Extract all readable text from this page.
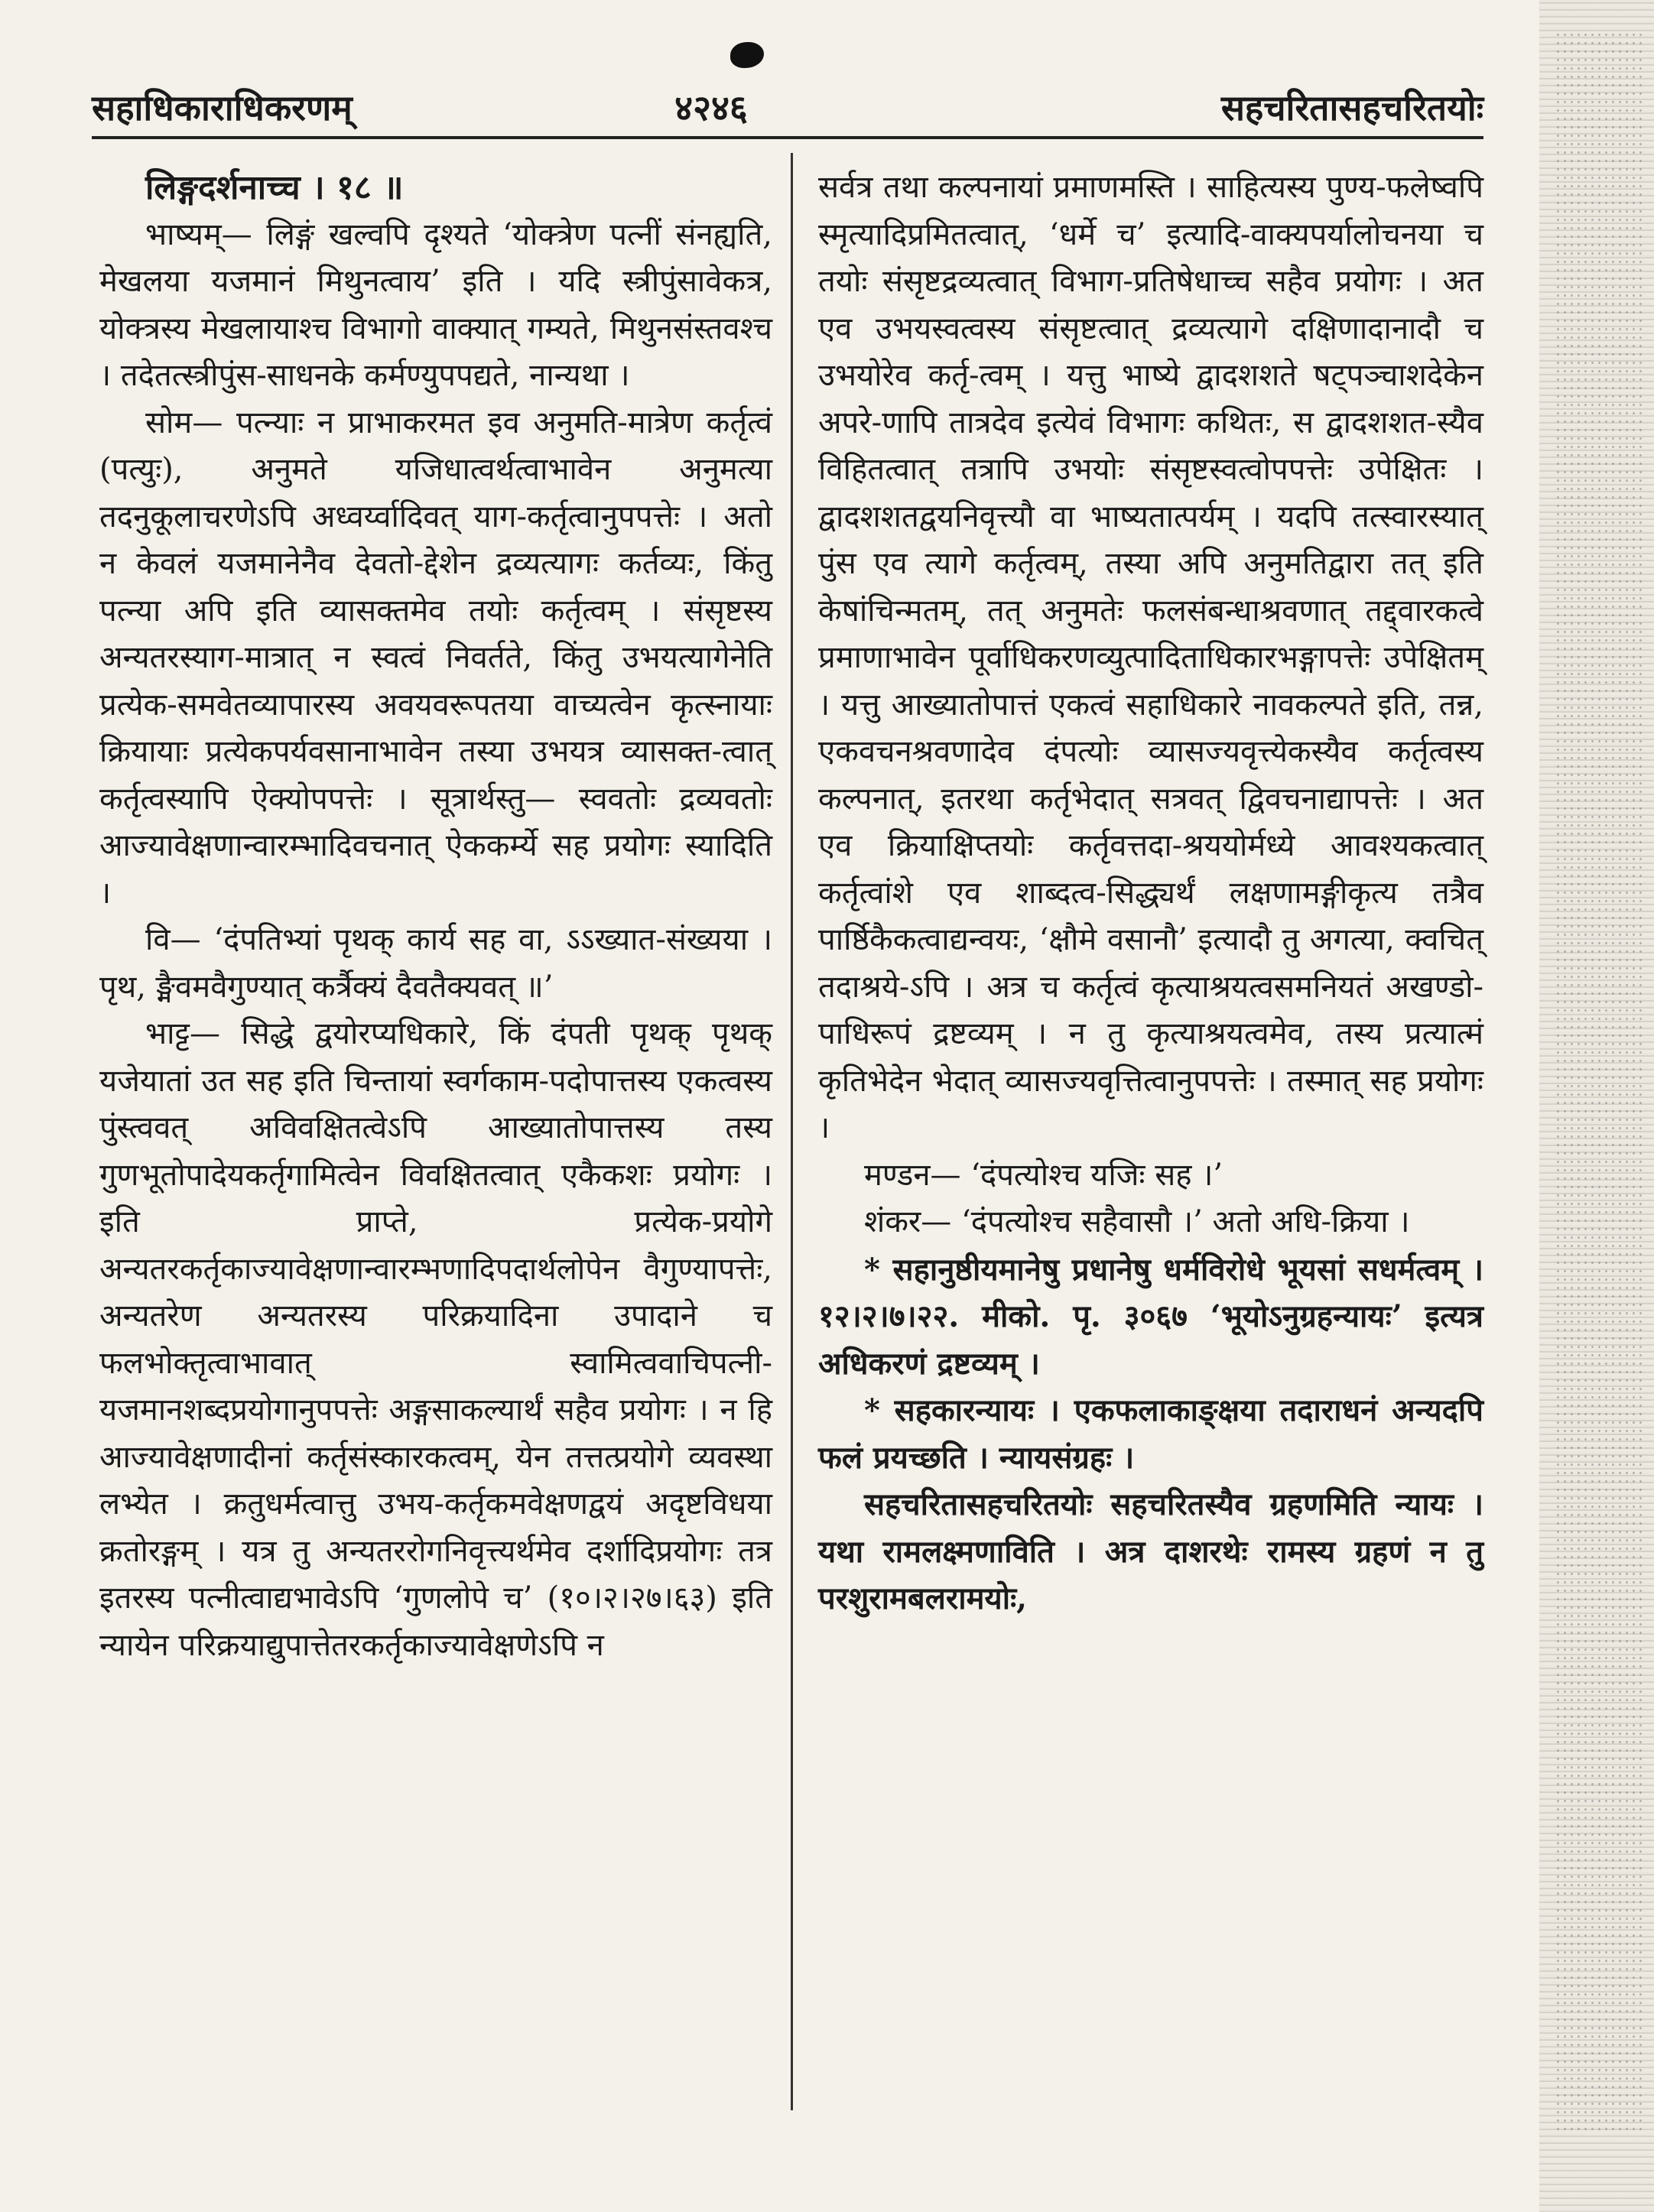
सहाधिकाराधिकरणम्	४२४६	सहचरितासहचरितयोः

लिङ्गदर्शनाच्च । १८ ॥

भाष्यम्— लिङ्गं खल्वपि दृश्यते ‘योक्त्रेण पत्नीं संनह्यति, मेखलया यजमानं मिथुनत्वाय’ इति । यदि स्त्रीपुंसावेकत्र, योक्त्रस्य मेखलायाश्च विभागो वाक्यात् गम्यते, मिथुनसंस्तवश्च । तदेतत्स्त्रीपुंस-साधनके कर्मण्युपपद्यते, नान्यथा ।

सोम— पत्न्याः न प्राभाकरमत इव अनुमति-मात्रेण कर्तृत्वं (पत्युः), अनुमते यजिधात्वर्थत्वाभावेन अनुमत्या तदनुकूलाचरणेऽपि अध्वर्य्वादिवत् याग-कर्तृत्वानुपपत्तेः । अतो न केवलं यजमानेनैव देवतो-द्देशेन द्रव्यत्यागः कर्तव्यः, किंतु पत्न्या अपि इति व्यासक्तमेव तयोः कर्तृत्वम् । संसृष्टस्य अन्यतरस्याग-मात्रात् न स्वत्वं निवर्तते, किंतु उभयत्यागेनेति प्रत्येक-समवेतव्यापारस्य अवयवरूपतया वाच्यत्वेन कृत्स्नायाः क्रियायाः प्रत्येकपर्यवसानाभावेन तस्या उभयत्र व्यासक्त-त्वात् कर्तृत्वस्यापि ऐक्योपपत्तेः । सूत्रार्थस्तु— स्ववतोः द्रव्यवतोः आज्यावेक्षणान्वारम्भादिवचनात् ऐककर्म्ये सह प्रयोगः स्यादिति ।

वि— ‘दंपतिभ्यां पृथक् कार्य सह वा, ऽऽख्यात-संख्यया । पृथ, ङ्मैवमवैगुण्यात् कर्त्रैक्यं दैवतैक्यवत् ॥’

भाट्ट— सिद्धे द्वयोरप्यधिकारे, किं दंपती पृथक् पृथक् यजेयातां उत सह इति चिन्तायां स्वर्गकाम-पदोपात्तस्य एकत्वस्य पुंस्त्ववत् अविवक्षितत्वेऽपि आख्यातोपात्तस्य तस्य गुणभूतोपादेयकर्तृगामित्वेन विवक्षितत्वात् एकैकशः प्रयोगः । इति प्राप्ते, प्रत्येक-प्रयोगे अन्यतरकर्तृकाज्यावेक्षणान्वारम्भणादिपदार्थलोपेन वैगुण्यापत्तेः, अन्यतरेण अन्यतरस्य परिक्रयादिना उपादाने च फलभोक्तृत्वाभावात् स्वामित्ववाचिपत्नी-यजमानशब्दप्रयोगानुपपत्तेः अङ्गसाकल्यार्थं सहैव प्रयोगः । न हि आज्यावेक्षणादीनां कर्तृसंस्कारकत्वम्, येन तत्तत्प्रयोगे व्यवस्था लभ्येत । क्रतुधर्मत्वात्तु उभय-कर्तृकमवेक्षणद्वयं अदृष्टविधया क्रतोरङ्गम् । यत्र तु अन्यतररोगनिवृत्त्यर्थमेव दर्शादिप्रयोगः तत्र इतरस्य पत्नीत्वाद्यभावेऽपि ‘गुणलोपे च’ (१०।२।२७।६३) इति न्यायेन परिक्रयाद्युपात्तेतरकर्तृकाज्यावेक्षणेऽपि न

सर्वत्र तथा कल्पनायां प्रमाणमस्ति । साहित्यस्य पुण्य-फलेष्वपि स्मृत्यादिप्रमितत्वात्, ‘धर्मे च’ इत्यादि-वाक्यपर्यालोचनया च तयोः संसृष्टद्रव्यत्वात् विभाग-प्रतिषेधाच्च सहैव प्रयोगः । अत एव उभयस्वत्वस्य संसृष्टत्वात् द्रव्यत्यागे दक्षिणादानादौ च उभयोरेव कर्तृ-त्वम् । यत्तु भाष्ये द्वादशशते षट्पञ्चाशदेकेन अपरे-णापि तात्रदेव इत्येवं विभागः कथितः, स द्वादशशत-स्यैव विहितत्वात् तत्रापि उभयोः संसृष्टस्वत्वोपपत्तेः उपेक्षितः । द्वादशशतद्वयनिवृत्त्यौ वा भाष्यतात्पर्यम् । यदपि तत्स्वारस्यात् पुंस एव त्यागे कर्तृत्वम्, तस्या अपि अनुमतिद्वारा तत् इति केषांचिन्मतम्, तत् अनुमतेः फलसंबन्धाश्रवणात् तद्द्वारकत्वे प्रमाणाभावेन पूर्वाधिकरणव्युत्पादिताधिकारभङ्गापत्तेः उपेक्षितम् । यत्तु आख्यातोपात्तं एकत्वं सहाधिकारे नावकल्पते इति, तन्न, एकवचनश्रवणादेव दंपत्योः व्यासज्यवृत्त्येकस्यैव कर्तृत्वस्य कल्पनात्, इतरथा कर्तृभेदात् सत्रवत् द्विवचनाद्यापत्तेः । अत एव क्रियाक्षिप्तयोः कर्तृवत्तदा-श्रययोर्मध्ये आवश्यकत्वात् कर्तृत्वांशे एव शाब्दत्व-सिद्ध्यर्थं लक्षणामङ्गीकृत्य तत्रैव पार्ष्ठिकैकत्वाद्यन्वयः, ‘क्षौमे वसानौ’ इत्यादौ तु अगत्या, क्वचित् तदाश्रये-ऽपि । अत्र च कर्तृत्वं कृत्याश्रयत्वसमनियतं अखण्डो-पाधिरूपं द्रष्टव्यम् । न तु कृत्याश्रयत्वमेव, तस्य प्रत्यात्मं कृतिभेदेन भेदात् व्यासज्यवृत्तित्वानुपपत्तेः । तस्मात् सह प्रयोगः ।

मण्डन— ‘दंपत्योश्च यजिः सह ।’

शंकर— ‘दंपत्योश्च सहैवासौ ।’ अतो अधि-क्रिया ।

* सहानुष्ठीयमानेषु प्रधानेषु धर्मविरोधे भूयसां सधर्मत्वम् । १२।२।७।२२. मीको. पृ. ३०६७ ‘भूयोऽनुग्रहन्यायः’ इत्यत्र अधिकरणं द्रष्टव्यम् ।

* सहकारन्यायः । एकफलाकाङ्क्षया तदाराधनं अन्यदपि फलं प्रयच्छति । न्यायसंग्रहः ।

सहचरितासहचरितयोः सहचरितस्यैव ग्रहणमिति न्यायः । यथा रामलक्ष्मणाविति । अत्र दाशरथेः रामस्य ग्रहणं न तु परशुरामबलरामयोः,
